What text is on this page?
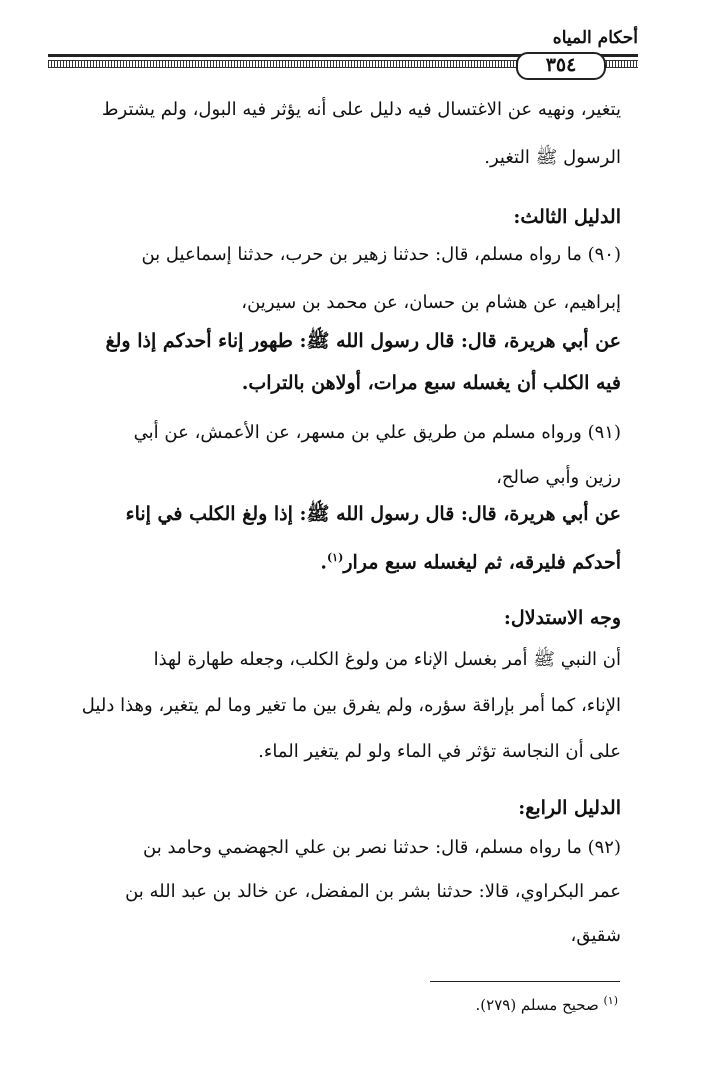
أحكام المياه
٣٥٤
يتغير، ونهيه عن الاغتسال فيه دليل على أنه يؤثر فيه البول، ولم يشترط
الرسول ﷺ التغير.
الدليل الثالث:
(٩٠) ما رواه مسلم، قال: حدثنا زهير بن حرب، حدثنا إسماعيل بن
إبراهيم، عن هشام بن حسان، عن محمد بن سيرين،
عن أبي هريرة، قال: قال رسول الله ﷺ: طهور إناء أحدكم إذا ولغ
فيه الكلب أن يغسله سبع مرات، أولاهن بالتراب.
(٩١) ورواه مسلم من طريق علي بن مسهر، عن الأعمش، عن أبي
رزين وأبي صالح،
عن أبي هريرة، قال: قال رسول الله ﷺ: إذا ولغ الكلب في إناء
أحدكم فليرقه، ثم ليغسله سبع مرار$^{(١)}$.
وجه الاستدلال:
أن النبي ﷺ أمر بغسل الإناء من ولوغ الكلب، وجعله طهارة لهذا
الإناء، كما أمر بإراقة سؤره، ولم يفرق بين ما تغير وما لم يتغير، وهذا دليل
على أن النجاسة تؤثر في الماء ولو لم يتغير الماء.
الدليل الرابع:
(٩٢) ما رواه مسلم، قال: حدثنا نصر بن علي الجهضمي وحامد بن
عمر البكراوي، قالا: حدثنا بشر بن المفضل، عن خالد بن عبد الله بن
شقيق،
$^{(١)}$ صحيح مسلم (٢٧٩).
